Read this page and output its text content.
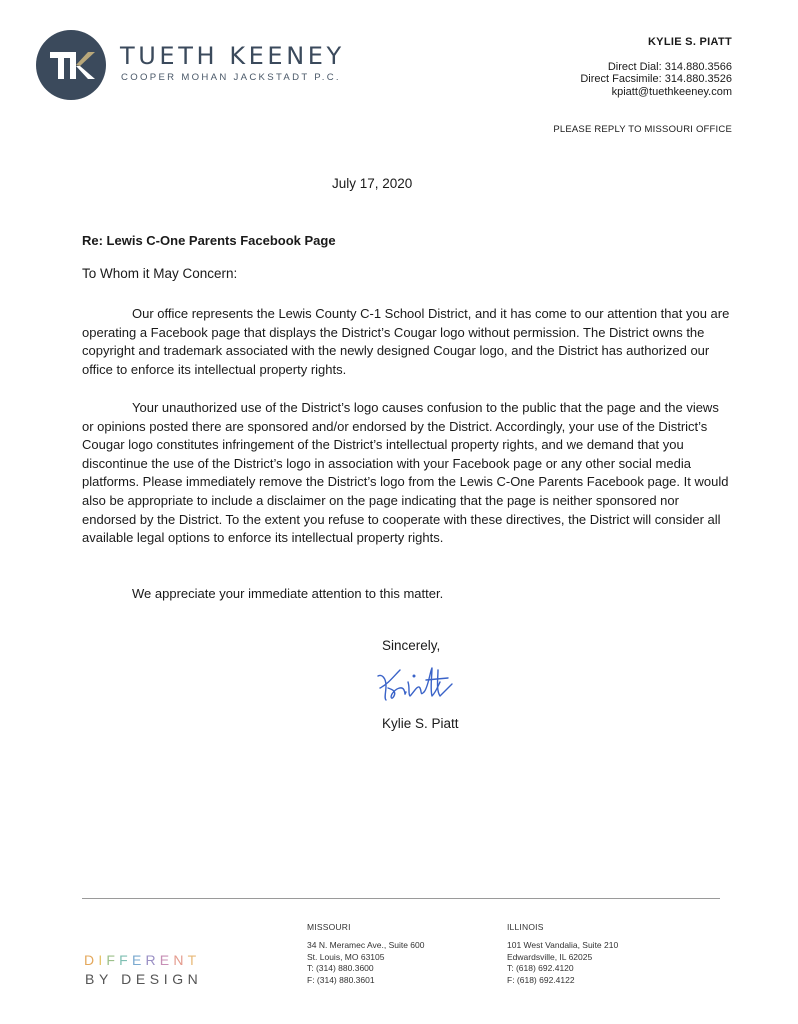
TUETH KEENEY
COOPER MOHAN JACKSTADT P.C.
KYLIE S. PIATT
Direct Dial: 314.880.3566
Direct Facsimile: 314.880.3526
kpiatt@tuethkeeney.com
PLEASE REPLY TO MISSOURI OFFICE
July 17, 2020
Re: Lewis C-One Parents Facebook Page
To Whom it May Concern:

Our office represents the Lewis County C-1 School District, and it has come to our attention that you are operating a Facebook page that displays the District’s Cougar logo without permission. The District owns the copyright and trademark associated with the newly designed Cougar logo, and the District has authorized our office to enforce its intellectual property rights.

Your unauthorized use of the District’s logo causes confusion to the public that the page and the views or opinions posted there are sponsored and/or endorsed by the District. Accordingly, your use of the District’s Cougar logo constitutes infringement of the District’s intellectual property rights, and we demand that you discontinue the use of the District’s logo in association with your Facebook page or any other social media platforms. Please immediately remove the District’s logo from the Lewis C-One Parents Facebook page. It would also be appropriate to include a disclaimer on the page indicating that the page is neither sponsored nor endorsed by the District. To the extent you refuse to cooperate with these directives, the District will consider all available legal options to enforce its intellectual property rights.

We appreciate your immediate attention to this matter.

Sincerely,
Kylie S. Piatt
MISSOURI
34 N. Meramec Ave., Suite 600
St. Louis, MO 63105
T: (314) 880.3600
F: (314) 880.3601
ILLINOIS
101 West Vandalia, Suite 210
Edwardsville, IL 62025
T: (618) 692.4120
F: (618) 692.4122
DIFFERENT
BY DESIGN
